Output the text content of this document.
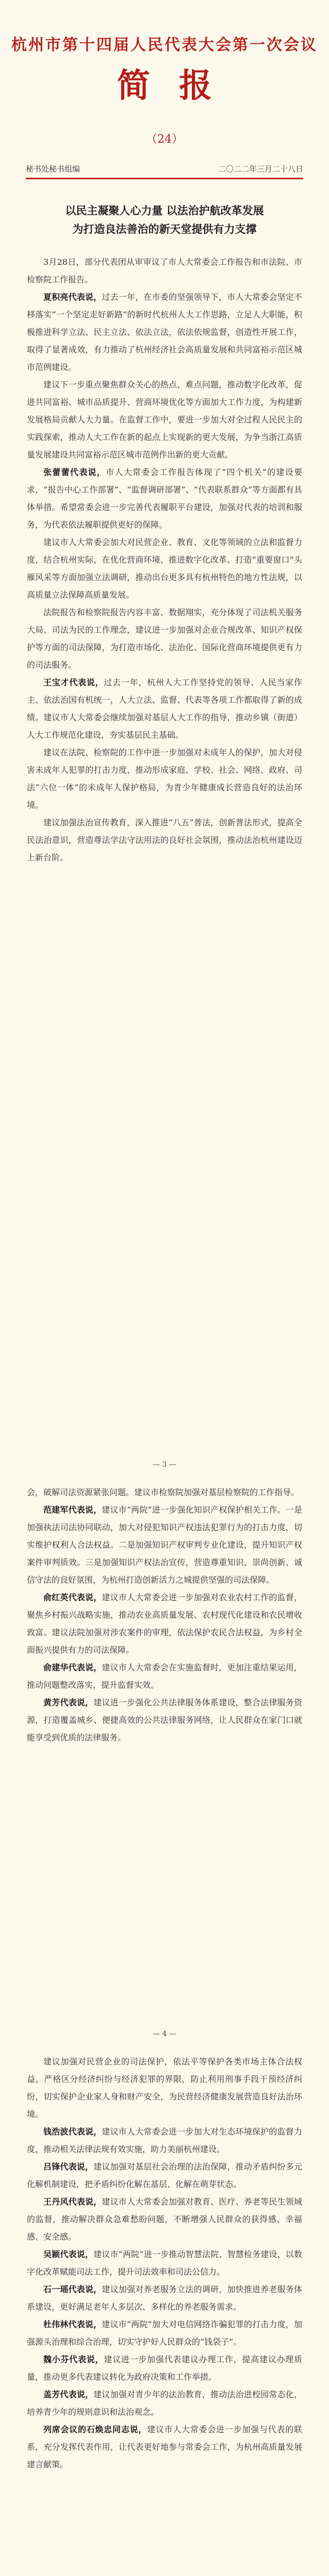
杭州市第十四届人民代表大会第一次会议
简报
（24）
秘书处秘书组编	二〇二二年三月二十八日
以民主凝聚人心力量 以法治护航改革发展
为打造良法善治的新天堂提供有力支撑

3月28日，部分代表团从审审议了市人大常委会工作报告和市法院、市检察院工作报告。

夏积亮代表说，过去一年，在市委的坚强领导下，市人大常委会坚定不移落实“一个坚定走好新路”的新时代杭州人大工作思路，立足人大职能，积极推进科学立法、民主立法、依法立法，依法依规监督，创造性开展工作，取得了显著成效，有力推动了杭州经济社会高质量发展和共同富裕示范区城市范例建设。

建议下一步重点聚焦群众关心的热点、难点问题，推动数字化改革，促进共同富裕、城市品质提升、营商环境优化等方面加大工作力度，为构建新发展格局贡献人大力量。在监督工作中，要进一步加大对全过程人民民主的实践探索，推动人大工作在新的起点上实现新的更大发展，为争当浙江高质量发展建设共同富裕示范区城市范例作出新的更大贡献。

张蕾蕾代表说，市人大常委会工作报告体现了“四个机关”的建设要求，“报告中心工作部署”、“监督调研部署”、“代表联系群众”等方面都有具体举措。希望常委会进一步完善代表履职平台建设，加强对代表的培训和服务，为代表依法履职提供更好的保障。

建议市人大常委会加大对民营企业、教育、文化等领域的立法和监督力度，结合杭州实际，在优化营商环境、推进数字化改革、打造“重要窗口”头雁风采等方面加强立法调研，推动出台更多具有杭州特色的地方性法规，以高质量立法保障高质量发展。

法院报告和检察院报告内容丰富、数据翔实，充分体现了司法机关服务大局、司法为民的工作理念，建议进一步加强对企业合规改革、知识产权保护等方面的司法保障，为打造市场化、法治化、国际化营商环境提供更有力的司法服务。

王宝才代表说，过去一年，杭州人大工作坚持党的领导、人民当家作主、依法治国有机统一，人大立法、监督、代表等各项工作都取得了新的成绩。建议市人大常委会继续加强对基层人大工作的指导，推动乡镇（街道）人大工作规范化建设，夯实基层民主基础。

建议在法院、检察院的工作中进一步加强对未成年人的保护，加大对侵害未成年人犯罪的打击力度，推动形成家庭、学校、社会、网络、政府、司法“六位一体”的未成年人保护格局，为青少年健康成长营造良好的法治环境。

建议加强法治宣传教育，深入推进“八五”普法，创新普法形式，提高全民法治意识，营造尊法学法守法用法的良好社会氛围，推动法治杭州建设迈上新台阶。

— 3 —

会，破解司法资源紧张问题。建议市检察院加强对基层检察院的工作指导。

范建军代表说，建议市“两院”进一步强化知识产权保护相关工作。一是加强执法司法协同联动，加大对侵犯知识产权违法犯罪行为的打击力度，切实维护权利人合法权益。二是加强知识产权审判专业化建设，提升知识产权案件审判质效。三是加强知识产权法治宣传，营造尊重知识、崇尚创新、诚信守法的良好氛围，为杭州打造创新活力之城提供坚强的司法保障。

俞红英代表说，建议市人大常委会进一步加强对农业农村工作的监督，聚焦乡村振兴战略实施，推动农业高质量发展、农村现代化建设和农民增收致富。建议法院加强对涉农案件的审理，依法保护农民合法权益，为乡村全面振兴提供有力的司法保障。

俞建华代表说，建议市人大常委会在实施监督时，更加注重结果运用，推动问题整改落实，提升监督实效。

黄芳代表说，建议进一步强化公共法律服务体系建设，整合法律服务资源，打造覆盖城乡、便捷高效的公共法律服务网络，让人民群众在家门口就能享受到优质的法律服务。

— 4 —

建议加强对民营企业的司法保护，依法平等保护各类市场主体合法权益，严格区分经济纠纷与经济犯罪的界限，防止利用刑事手段干预经济纠纷，切实保护企业家人身和财产安全，为民营经济健康发展营造良好法治环境。

钱浩波代表说，建议市人大常委会进一步加大对生态环境保护的监督力度，推动相关法律法规有效实施，助力美丽杭州建设。

吕锋代表说，建议加强对基层社会治理的法治保障，推动矛盾纠纷多元化解机制建设，把矛盾纠纷化解在基层、化解在萌芽状态。

王丹风代表说，建议市人大常委会加强对教育、医疗、养老等民生领域的监督，推动解决群众急难愁盼问题，不断增强人民群众的获得感、幸福感、安全感。

吴颖代表说，建议市“两院”进一步推动智慧法院、智慧检务建设，以数字化改革赋能司法工作，提升司法效率和司法公信力。

石一瑶代表说，建议加强对养老服务立法的调研，加快推进养老服务体系建设，更好满足老年人多层次、多样化的养老服务需求。

杜伟林代表说，建议市“两院”加大对电信网络诈骗犯罪的打击力度，加强源头治理和综合治理，切实守护好人民群众的“钱袋子”。

魏小芬代表说，建议进一步加强代表建议办理工作，提高建议办理质量，推动更多代表建议转化为政府决策和工作举措。

盖芳代表说，建议加强对青少年的法治教育，推动法治进校园常态化，培养青少年的规则意识和法治观念。

列席会议的石焕忠同志说，建议市人大常委会进一步加强与代表的联系，充分发挥代表作用，让代表更好地参与常委会工作，为杭州高质量发展建言献策。
